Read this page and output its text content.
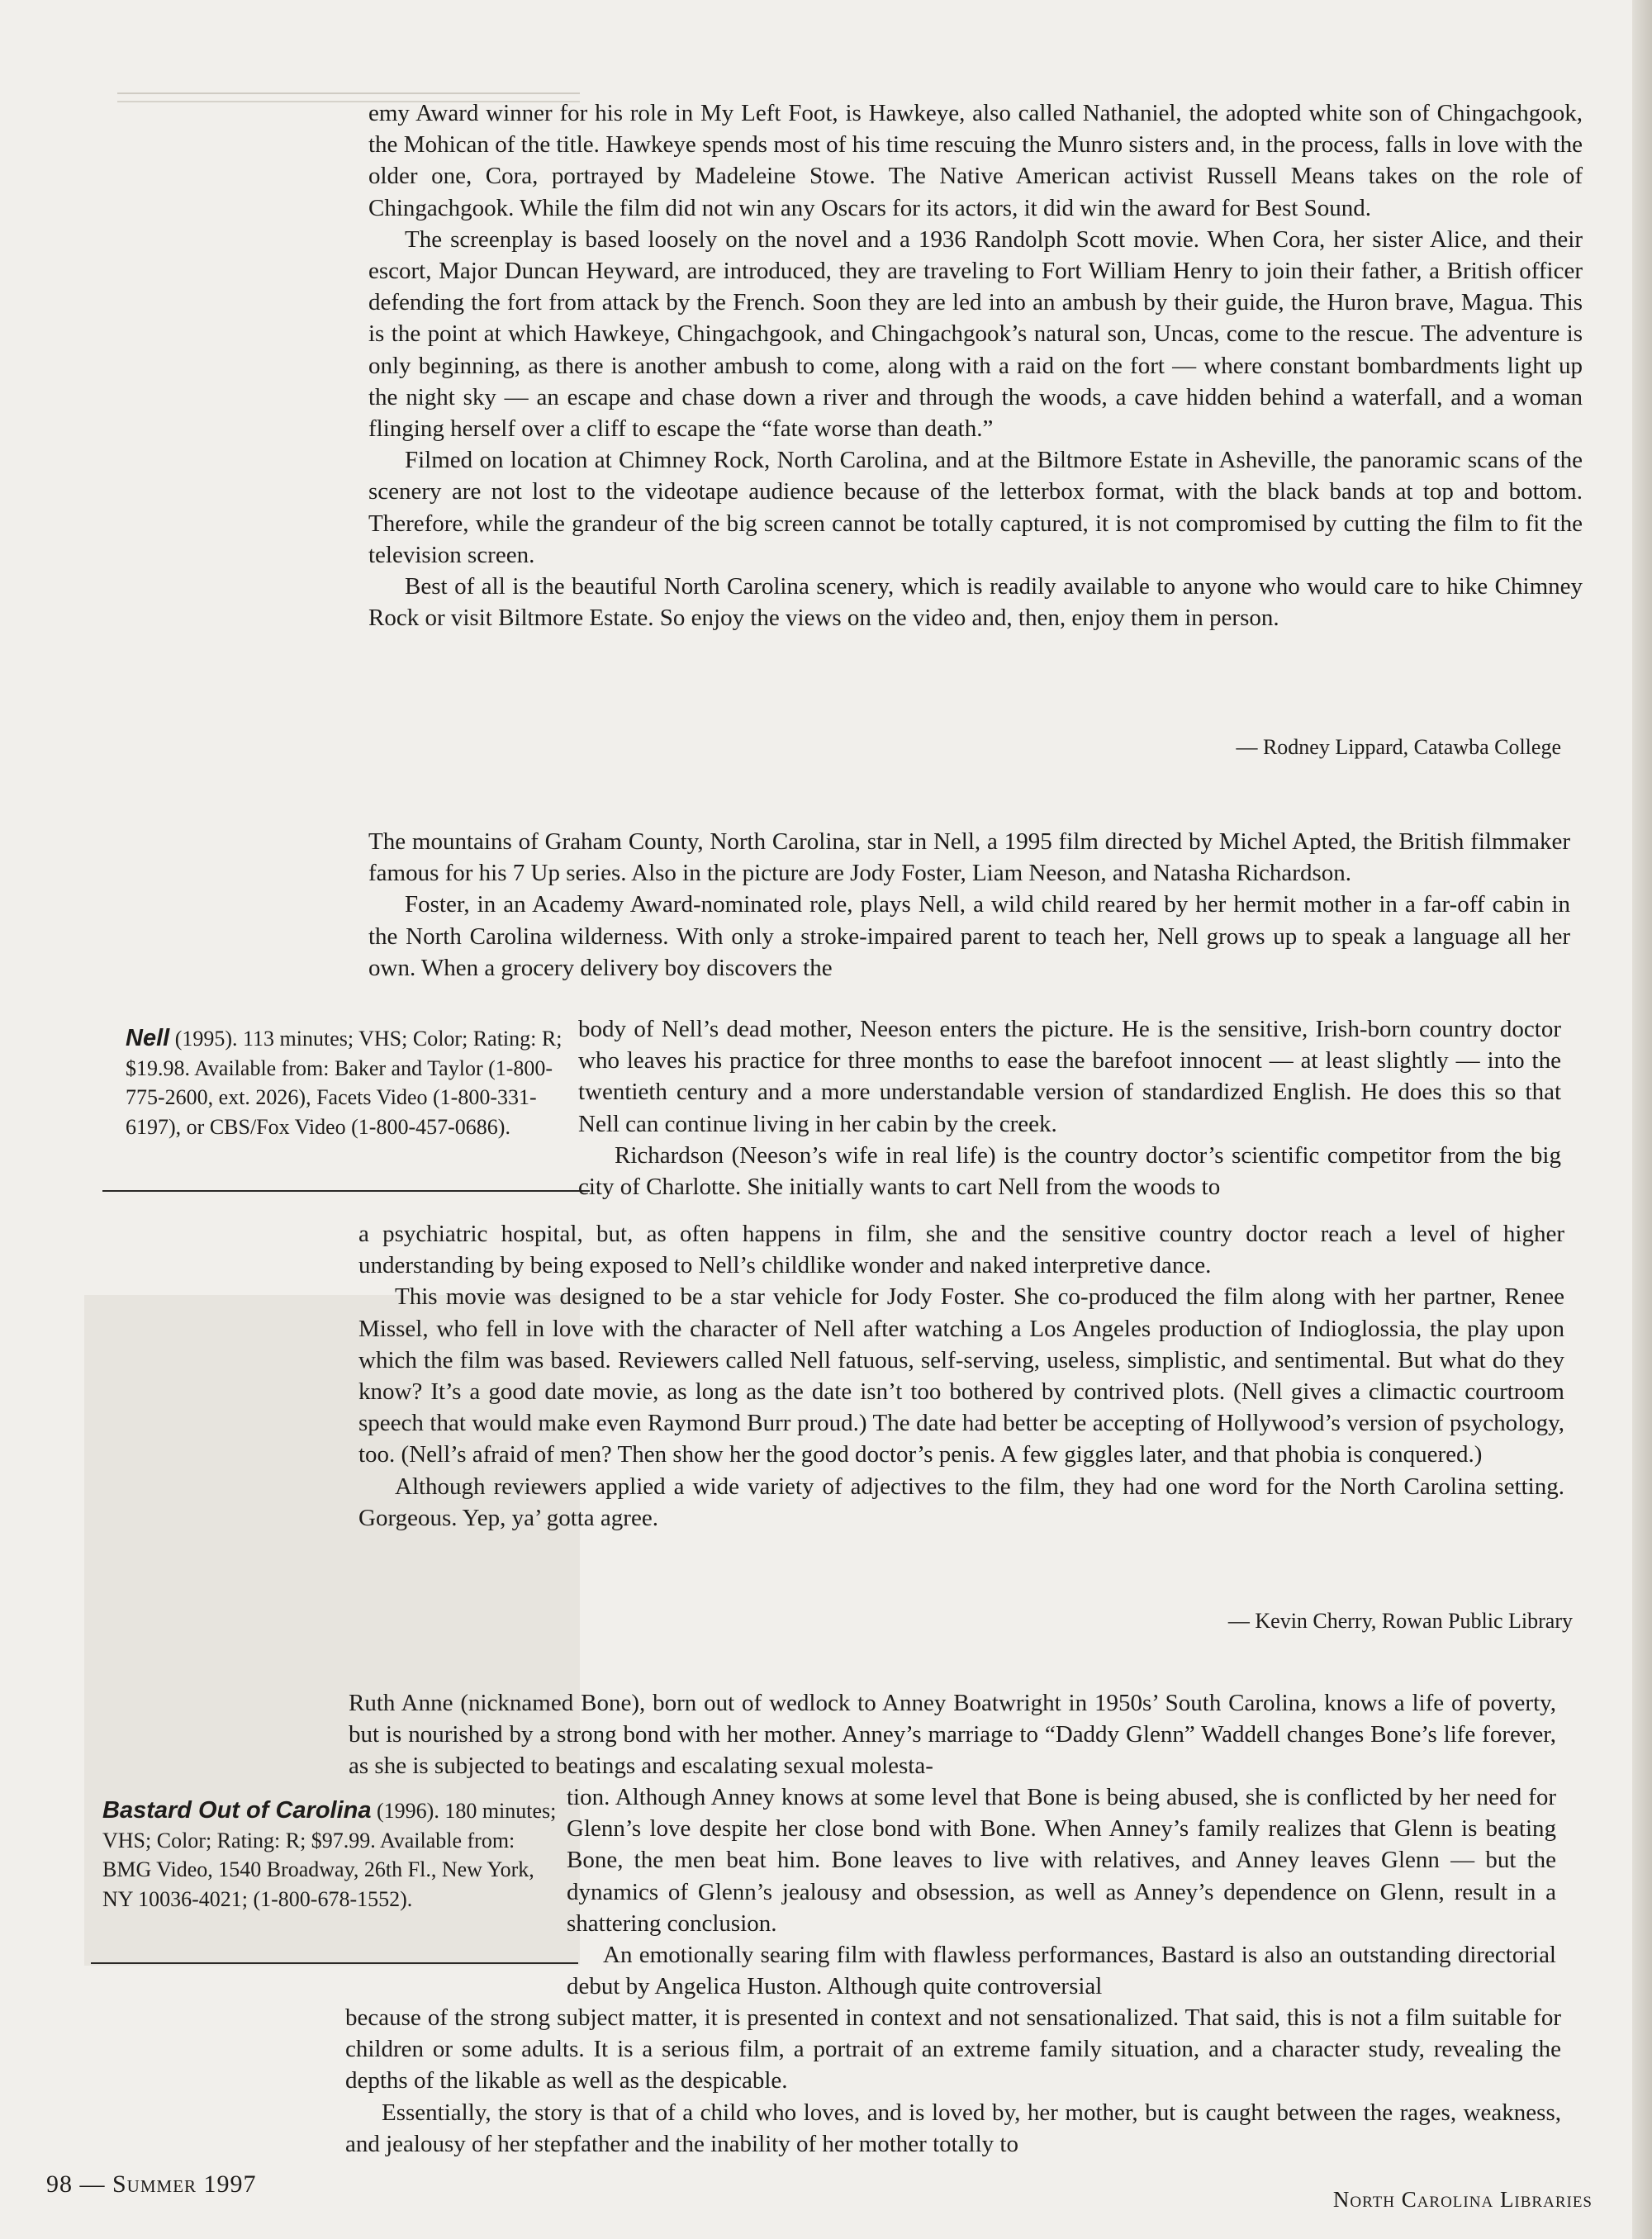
emy Award winner for his role in My Left Foot, is Hawkeye, also called Nathaniel, the adopted white son of Chingachgook, the Mohican of the title. Hawkeye spends most of his time rescuing the Munro sisters and, in the process, falls in love with the older one, Cora, portrayed by Madeleine Stowe. The Native American activist Russell Means takes on the role of Chingachgook. While the film did not win any Oscars for its actors, it did win the award for Best Sound.

The screenplay is based loosely on the novel and a 1936 Randolph Scott movie. When Cora, her sister Alice, and their escort, Major Duncan Heyward, are introduced, they are traveling to Fort William Henry to join their father, a British officer defending the fort from attack by the French. Soon they are led into an ambush by their guide, the Huron brave, Magua. This is the point at which Hawkeye, Chingachgook, and Chingachgook’s natural son, Uncas, come to the rescue. The adventure is only beginning, as there is another ambush to come, along with a raid on the fort — where constant bombardments light up the night sky — an escape and chase down a river and through the woods, a cave hidden behind a waterfall, and a woman flinging herself over a cliff to escape the “fate worse than death.”

Filmed on location at Chimney Rock, North Carolina, and at the Biltmore Estate in Asheville, the panoramic scans of the scenery are not lost to the videotape audience because of the letterbox format, with the black bands at top and bottom. Therefore, while the grandeur of the big screen cannot be totally captured, it is not compromised by cutting the film to fit the television screen.

Best of all is the beautiful North Carolina scenery, which is readily available to anyone who would care to hike Chimney Rock or visit Biltmore Estate. So enjoy the views on the video and, then, enjoy them in person.

— Rodney Lippard, Catawba College

The mountains of Graham County, North Carolina, star in Nell, a 1995 film directed by Michel Apted, the British filmmaker famous for his 7 Up series. Also in the picture are Jody Foster, Liam Neeson, and Natasha Richardson.

Foster, in an Academy Award-nominated role, plays Nell, a wild child reared by her hermit mother in a far-off cabin in the North Carolina wilderness. With only a stroke-impaired parent to teach her, Nell grows up to speak a language all her own. When a grocery delivery boy discovers the

Nell (1995). 113 minutes; VHS; Color; Rating: R; $19.98. Available from: Baker and Taylor (1-800-775-2600, ext. 2026), Facets Video (1-800-331-6197), or CBS/Fox Video (1-800-457-0686).

body of Nell’s dead mother, Neeson enters the picture. He is the sensitive, Irish-born country doctor who leaves his practice for three months to ease the barefoot innocent — at least slightly — into the twentieth century and a more understandable version of standardized English. He does this so that Nell can continue living in her cabin by the creek.

Richardson (Neeson’s wife in real life) is the country doctor’s scientific competitor from the big city of Charlotte. She initially wants to cart Nell from the woods to

a psychiatric hospital, but, as often happens in film, she and the sensitive country doctor reach a level of higher understanding by being exposed to Nell’s childlike wonder and naked interpretive dance.

This movie was designed to be a star vehicle for Jody Foster. She co-produced the film along with her partner, Renee Missel, who fell in love with the character of Nell after watching a Los Angeles production of Indioglossia, the play upon which the film was based. Reviewers called Nell fatuous, self-serving, useless, simplistic, and sentimental. But what do they know? It’s a good date movie, as long as the date isn’t too bothered by contrived plots. (Nell gives a climactic courtroom speech that would make even Raymond Burr proud.) The date had better be accepting of Hollywood’s version of psychology, too. (Nell’s afraid of men? Then show her the good doctor’s penis. A few giggles later, and that phobia is conquered.)

Although reviewers applied a wide variety of adjectives to the film, they had one word for the North Carolina setting. Gorgeous. Yep, ya’ gotta agree.

— Kevin Cherry, Rowan Public Library

Ruth Anne (nicknamed Bone), born out of wedlock to Anney Boatwright in 1950s’ South Carolina, knows a life of poverty, but is nourished by a strong bond with her mother. Anney’s marriage to “Daddy Glenn” Waddell changes Bone’s life forever, as she is subjected to beatings and escalating sexual molesta-

Bastard Out of Carolina (1996). 180 minutes; VHS; Color; Rating: R; $97.99. Available from: BMG Video, 1540 Broadway, 26th Fl., New York, NY 10036-4021; (1-800-678-1552).

tion. Although Anney knows at some level that Bone is being abused, she is conflicted by her need for Glenn’s love despite her close bond with Bone. When Anney’s family realizes that Glenn is beating Bone, the men beat him. Bone leaves to live with relatives, and Anney leaves Glenn — but the dynamics of Glenn’s jealousy and obsession, as well as Anney’s dependence on Glenn, result in a shattering conclusion.

An emotionally searing film with flawless performances, Bastard is also an outstanding directorial debut by Angelica Huston. Although quite controversial

because of the strong subject matter, it is presented in context and not sensationalized. That said, this is not a film suitable for children or some adults. It is a serious film, a portrait of an extreme family situation, and a character study, revealing the depths of the likable as well as the despicable.

Essentially, the story is that of a child who loves, and is loved by, her mother, but is caught between the rages, weakness, and jealousy of her stepfather and the inability of her mother totally to

98 — Summer 1997
North Carolina Libraries
